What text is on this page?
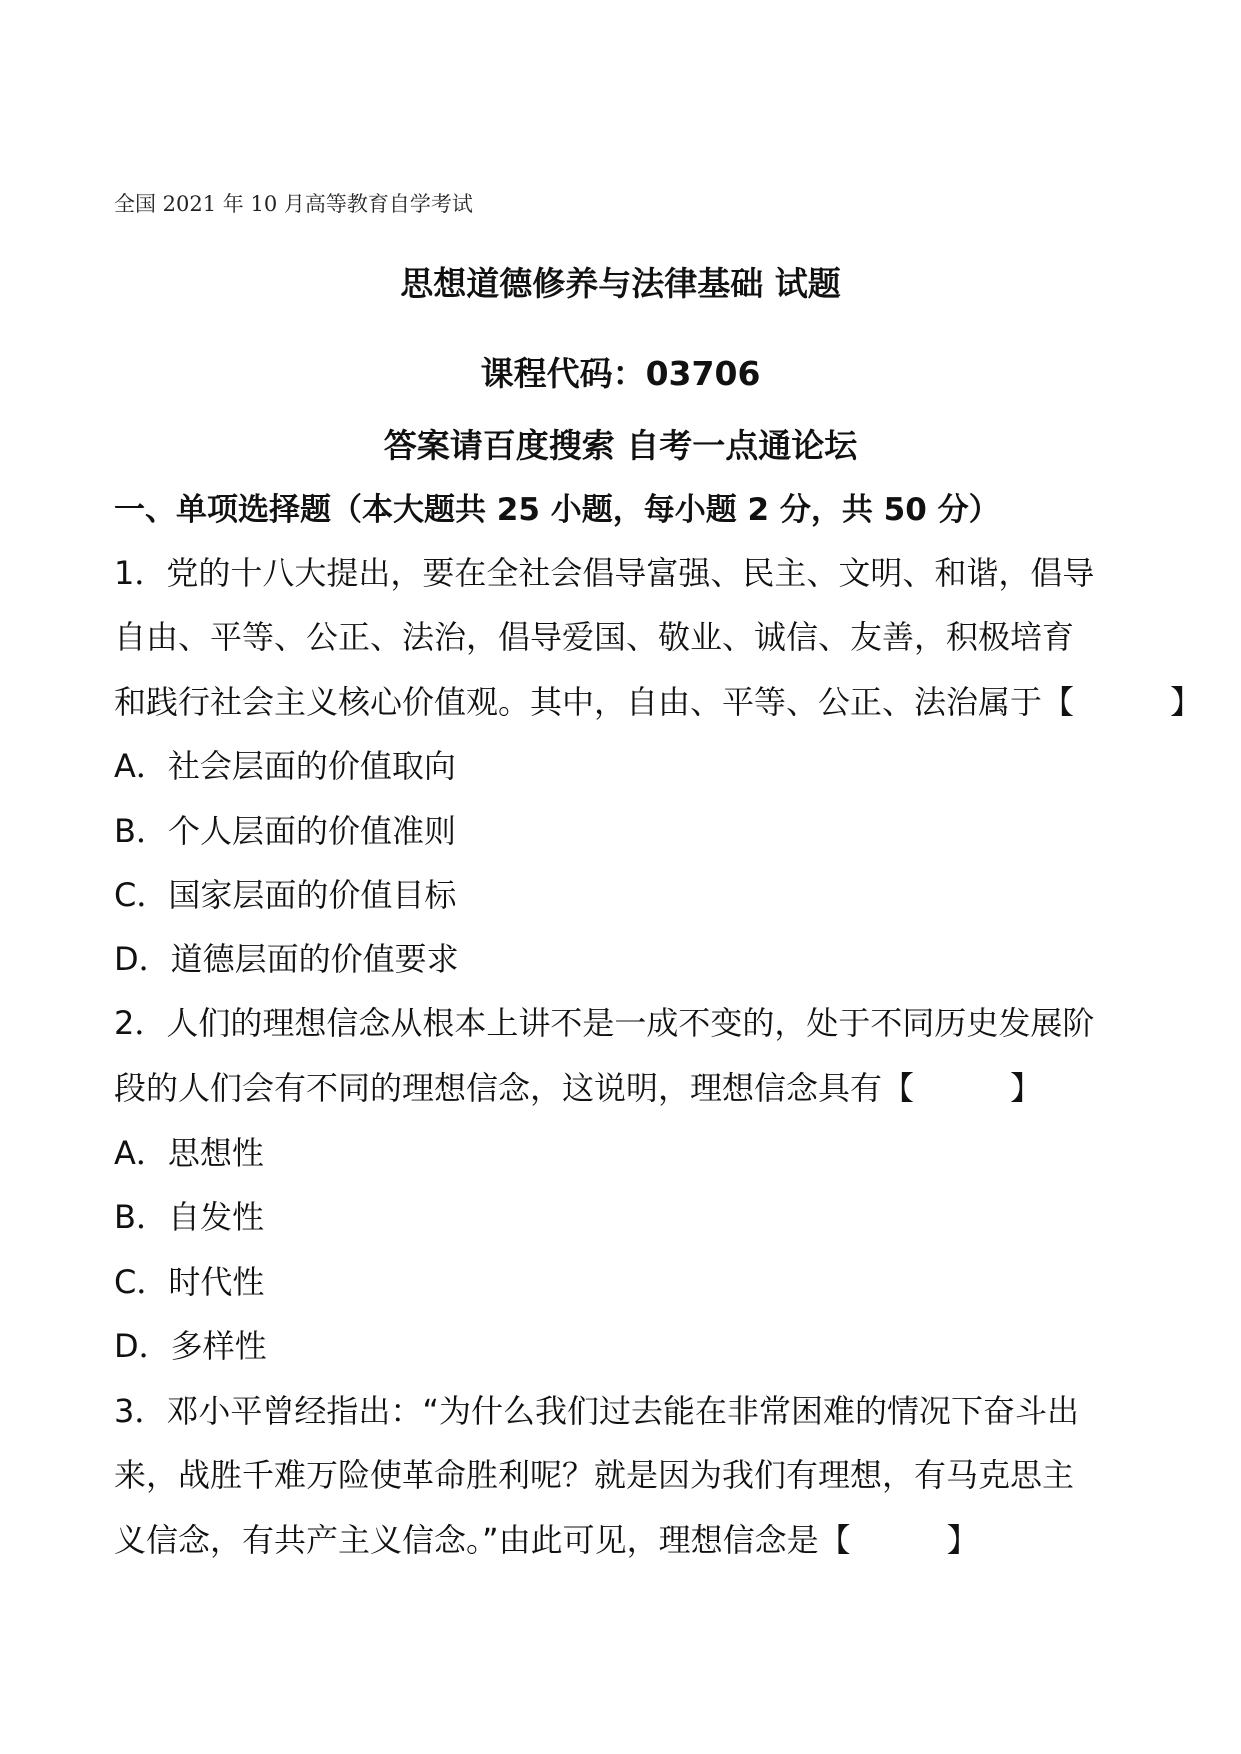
全国 2021 年 10 月高等教育自学考试
思想道德修养与法律基础 试题
课程代码：03706
答案请百度搜索 自考一点通论坛
一、单项选择题（本大题共 25 小题，每小题 2 分，共 50 分）
1．党的十八大提出，要在全社会倡导富强、民主、文明、和谐，倡导
自由、平等、公正、法治，倡导爱国、敬业、诚信、友善，积极培育
和践行社会主义核心价值观。其中，自由、平等、公正、法治属于【	】
A．社会层面的价值取向
B．个人层面的价值准则
C．国家层面的价值目标
D．道德层面的价值要求
2．人们的理想信念从根本上讲不是一成不变的，处于不同历史发展阶
段的人们会有不同的理想信念，这说明，理想信念具有【	】
A．思想性
B．自发性
C．时代性
D．多样性
3．邓小平曾经指出：“为什么我们过去能在非常困难的情况下奋斗出
来，战胜千难万险使革命胜利呢？就是因为我们有理想，有马克思主
义信念，有共产主义信念。”由此可见，理想信念是【	】
